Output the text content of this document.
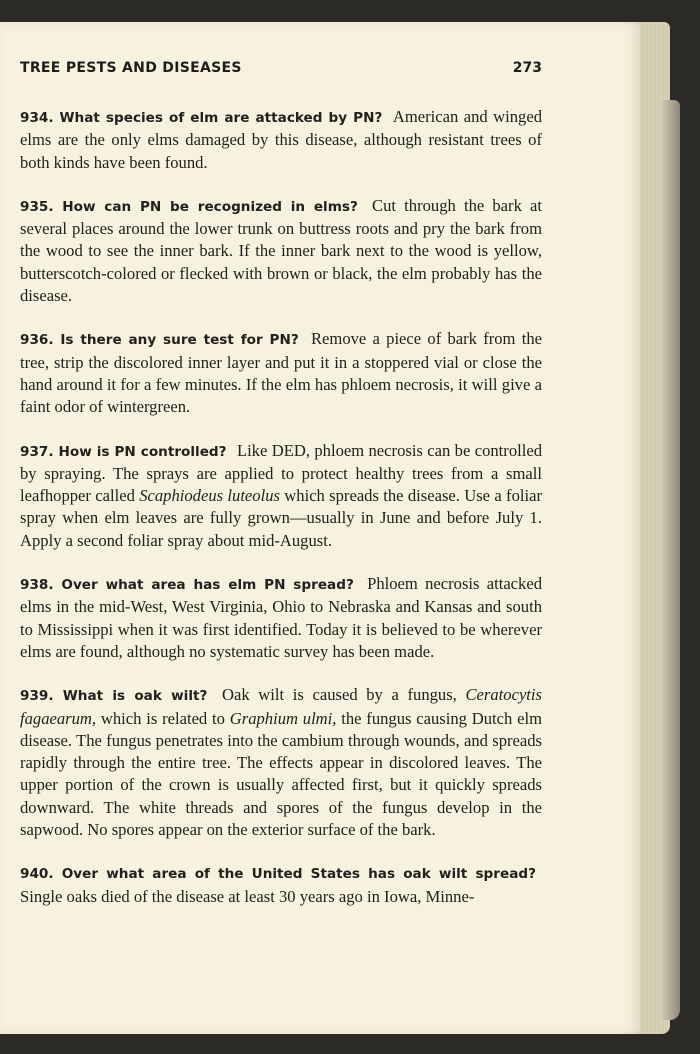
TREE PESTS AND DISEASES	273

934. What species of elm are attacked by PN? American and winged elms are the only elms damaged by this disease, although resistant trees of both kinds have been found.

935. How can PN be recognized in elms? Cut through the bark at several places around the lower trunk on buttress roots and pry the bark from the wood to see the inner bark. If the inner bark next to the wood is yellow, butterscotch-colored or flecked with brown or black, the elm probably has the disease.

936. Is there any sure test for PN? Remove a piece of bark from the tree, strip the discolored inner layer and put it in a stoppered vial or close the hand around it for a few minutes. If the elm has phloem necrosis, it will give a faint odor of wintergreen.

937. How is PN controlled? Like DED, phloem necrosis can be controlled by spraying. The sprays are applied to protect healthy trees from a small leafhopper called Scaphiodeus luteolus which spreads the disease. Use a foliar spray when elm leaves are fully grown—usually in June and before July 1. Apply a second foliar spray about mid-August.

938. Over what area has elm PN spread? Phloem necrosis attacked elms in the mid-West, West Virginia, Ohio to Nebraska and Kansas and south to Mississippi when it was first identified. Today it is believed to be wherever elms are found, although no systematic survey has been made.

939. What is oak wilt? Oak wilt is caused by a fungus, Ceratocytis fagaearum, which is related to Graphium ulmi, the fungus causing Dutch elm disease. The fungus penetrates into the cambium through wounds, and spreads rapidly through the entire tree. The effects appear in discolored leaves. The upper portion of the crown is usually affected first, but it quickly spreads downward. The white threads and spores of the fungus develop in the sapwood. No spores appear on the exterior surface of the bark.

940. Over what area of the United States has oak wilt spread? Single oaks died of the disease at least 30 years ago in Iowa, Minne-
